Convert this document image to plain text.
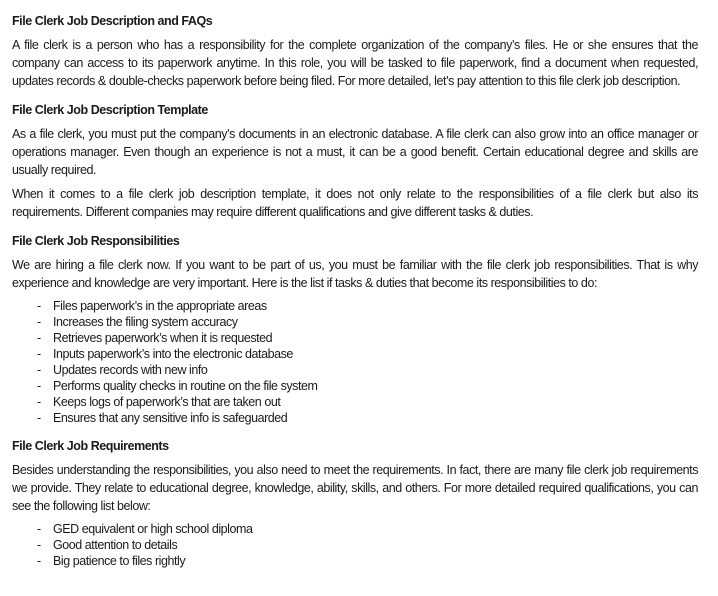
File Clerk Job Description and FAQs

A file clerk is a person who has a responsibility for the complete organization of the company’s files. He or she ensures that the company can access to its paperwork anytime. In this role, you will be tasked to file paperwork, find a document when requested, updates records & double-checks paperwork before being filed. For more detailed, let’s pay attention to this file clerk job description.

File Clerk Job Description Template

As a file clerk, you must put the company’s documents in an electronic database. A file clerk can also grow into an office manager or operations manager. Even though an experience is not a must, it can be a good benefit. Certain educational degree and skills are usually required.

When it comes to a file clerk job description template, it does not only relate to the responsibilities of a file clerk but also its requirements. Different companies may require different qualifications and give different tasks & duties.

File Clerk Job Responsibilities

We are hiring a file clerk now. If you want to be part of us, you must be familiar with the file clerk job responsibilities. That is why experience and knowledge are very important. Here is the list if tasks & duties that become its responsibilities to do:

- Files paperwork’s in the appropriate areas
- Increases the filing system accuracy
- Retrieves paperwork’s when it is requested
- Inputs paperwork’s into the electronic database
- Updates records with new info
- Performs quality checks in routine on the file system
- Keeps logs of paperwork’s that are taken out
- Ensures that any sensitive info is safeguarded
File Clerk Job Requirements

Besides understanding the responsibilities, you also need to meet the requirements. In fact, there are many file clerk job requirements we provide. They relate to educational degree, knowledge, ability, skills, and others. For more detailed required qualifications, you can see the following list below:

- GED equivalent or high school diploma
- Good attention to details
- Big patience to files rightly
